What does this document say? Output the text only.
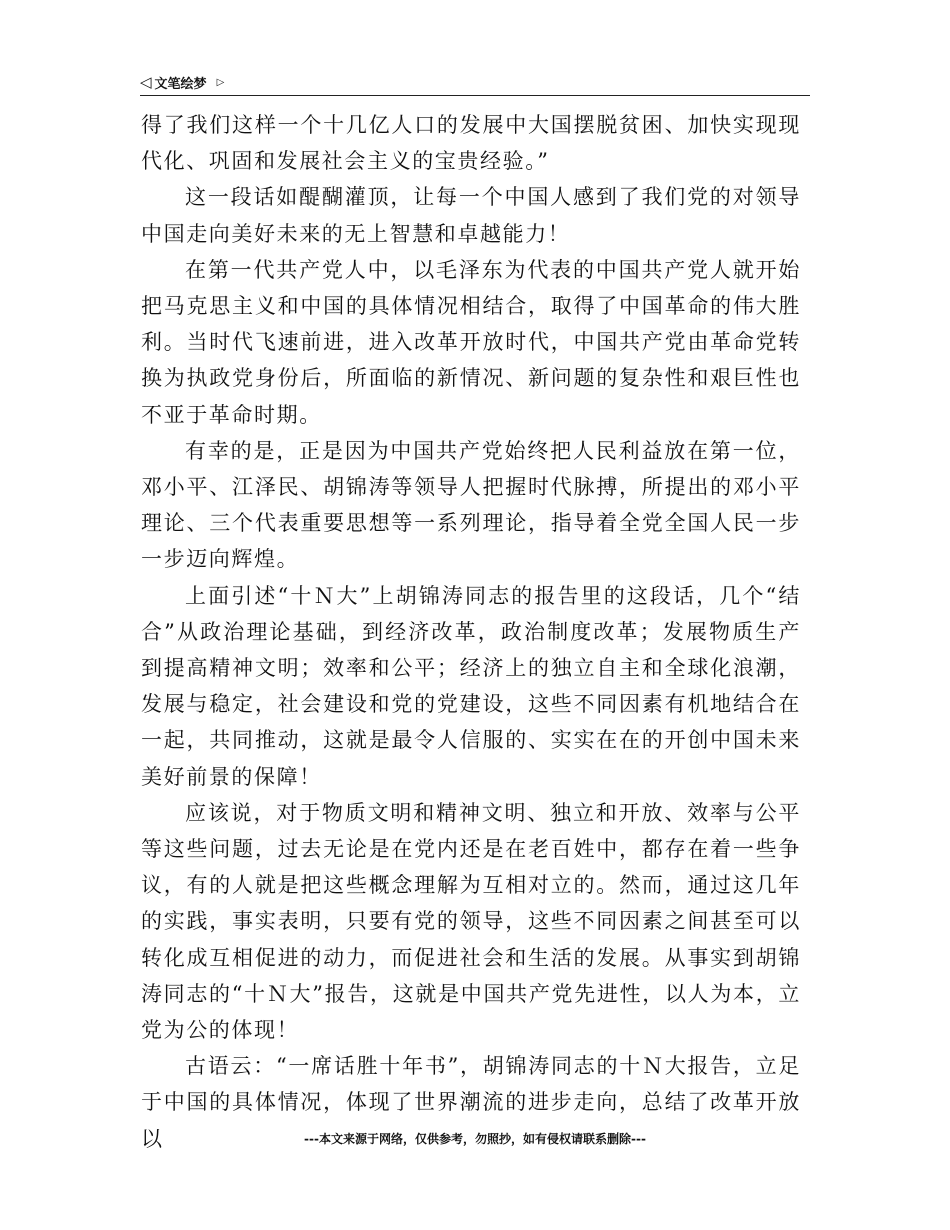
◁ 文笔绘梦 ▷

得了我们这样一个十几亿人口的发展中大国摆脱贫困、加快实现现代化、巩固和发展社会主义的宝贵经验。”

这一段话如醍醐灌顶，让每一个中国人感到了我们党的对领导中国走向美好未来的无上智慧和卓越能力！

在第一代共产党人中，以毛泽东为代表的中国共产党人就开始把马克思主义和中国的具体情况相结合，取得了中国革命的伟大胜利。当时代飞速前进，进入改革开放时代，中国共产党由革命党转换为执政党身份后，所面临的新情况、新问题的复杂性和艰巨性也不亚于革命时期。

有幸的是，正是因为中国共产党始终把人民利益放在第一位，邓小平、江泽民、胡锦涛等领导人把握时代脉搏，所提出的邓小平理论、三个代表重要思想等一系列理论，指导着全党全国人民一步一步迈向辉煌。

上面引述“十Ｎ大”上胡锦涛同志的报告里的这段话，几个“结合”从政治理论基础，到经济改革，政治制度改革；发展物质生产到提高精神文明；效率和公平；经济上的独立自主和全球化浪潮，发展与稳定，社会建设和党的党建设，这些不同因素有机地结合在一起，共同推动，这就是最令人信服的、实实在在的开创中国未来美好前景的保障！

应该说，对于物质文明和精神文明、独立和开放、效率与公平等这些问题，过去无论是在党内还是在老百姓中，都存在着一些争议，有的人就是把这些概念理解为互相对立的。然而，通过这几年的实践，事实表明，只要有党的领导，这些不同因素之间甚至可以转化成互相促进的动力，而促进社会和生活的发展。从事实到胡锦涛同志的“十Ｎ大”报告，这就是中国共产党先进性，以人为本，立党为公的体现！

古语云：“一席话胜十年书”，胡锦涛同志的十Ｎ大报告，立足于中国的具体情况，体现了世界潮流的进步走向，总结了改革开放以	---本文来源于网络，仅供参考，勿照抄，如有侵权请联系删除---
